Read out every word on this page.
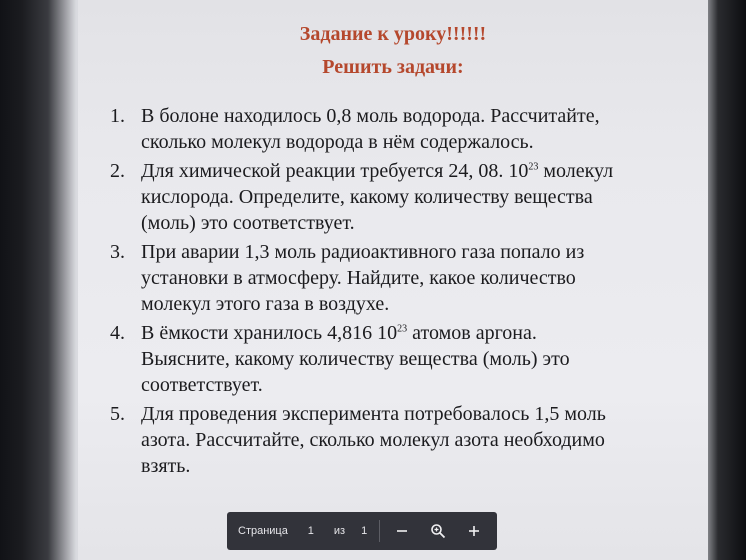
Задание к уроку!!!!!!

Решить задачи:

1. В болоне находилось 0,8 моль водорода. Рассчитайте,
сколько молекул водорода в нём содержалось.
2. Для химической реакции требуется 24, 08. $10^{23}$ молекул
кислорода. Определите, какому количеству вещества
(моль) это соответствует.
3. При аварии 1,3 моль радиоактивного газа попало из
установки в атмосферу. Найдите, какое количество
молекул этого газа в воздухе.
4. В ёмкости хранилось 4,816 $10^{23}$ атомов аргона.
Выясните, какому количеству вещества (моль) это
соответствует.
5. Для проведения эксперимента потребовалось 1,5 моль
азота. Рассчитайте, сколько молекул азота необходимо
взять.
Страница	1	из 1
